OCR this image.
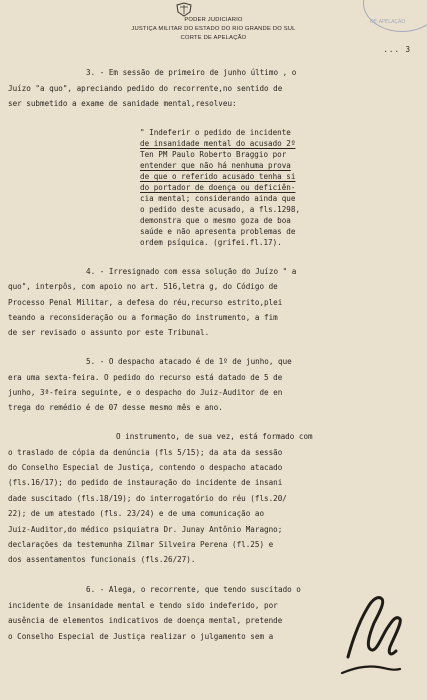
DE APELAÇÃO
PODER JUDICIARIO
JUSTIÇA MILITAR DO ESTADO DO RIO GRANDE DO SUL
CORTE DE APELAÇÃO
... 3
3. - Em sessão de primeiro de junho último , o
Juízo "a quo", apreciando pedido do recorrente,no sentido de
ser submetido a exame de sanidade mental,resolveu:
" Indeferir o pedido de incidente
de insanidade mental do acusado 2º
Ten PM Paulo Roberto Braggio por
entender que não há nenhuma prova
de que o referido acusado tenha si
do portador de doença ou deficiên-
cia mental; considerando ainda que
o pedido deste acusado, a fls.1298,
demonstra que o mesmo goza de boa
saúde e não apresenta problemas de
ordem psíquica. (grifei.fl.17).
4. - Irresignado com essa solução do Juízo " a
quo", interpôs, com apoio no art. 516,letra g, do Código de
Processo Penal Militar, a defesa do réu,recurso estrito,plei
teando a reconsideração ou a formação do instrumento, a fim
de ser revisado o assunto por este Tribunal.
5. - O despacho atacado é de 1º de junho, que
era uma sexta-feira. O pedido do recurso está datado de 5 de
junho, 3ª-feira seguinte, e o despacho do Juiz-Auditor de en
trega do remédio é de 07 desse mesmo mês e ano.
O instrumento, de sua vez, está formado com
o traslado de cópia da denúncia (fls 5/15); da ata da sessão
do Conselho Especial de Justiça, contendo o despacho atacado
(fls.16/17); do pedido de instauração do incidente de insani
dade suscitado (fls.18/19); do interrogatório do réu (fls.20/
22); de um atestado (fls. 23/24) e de uma comunicação ao
Juiz-Auditor,do médico psiquiatra Dr. Junay Antônio Maragno;
declarações da testemunha Zilmar Silveira Perena (fl.25) e
dos assentamentos funcionais (fls.26/27).
6. - Alega, o recorrente, que tendo suscitado o
incidente de insanidade mental e tendo sido indeferido, por
ausência de elementos indicativos de doença mental, pretende
o Conselho Especial de Justiça realizar o julgamento sem a
